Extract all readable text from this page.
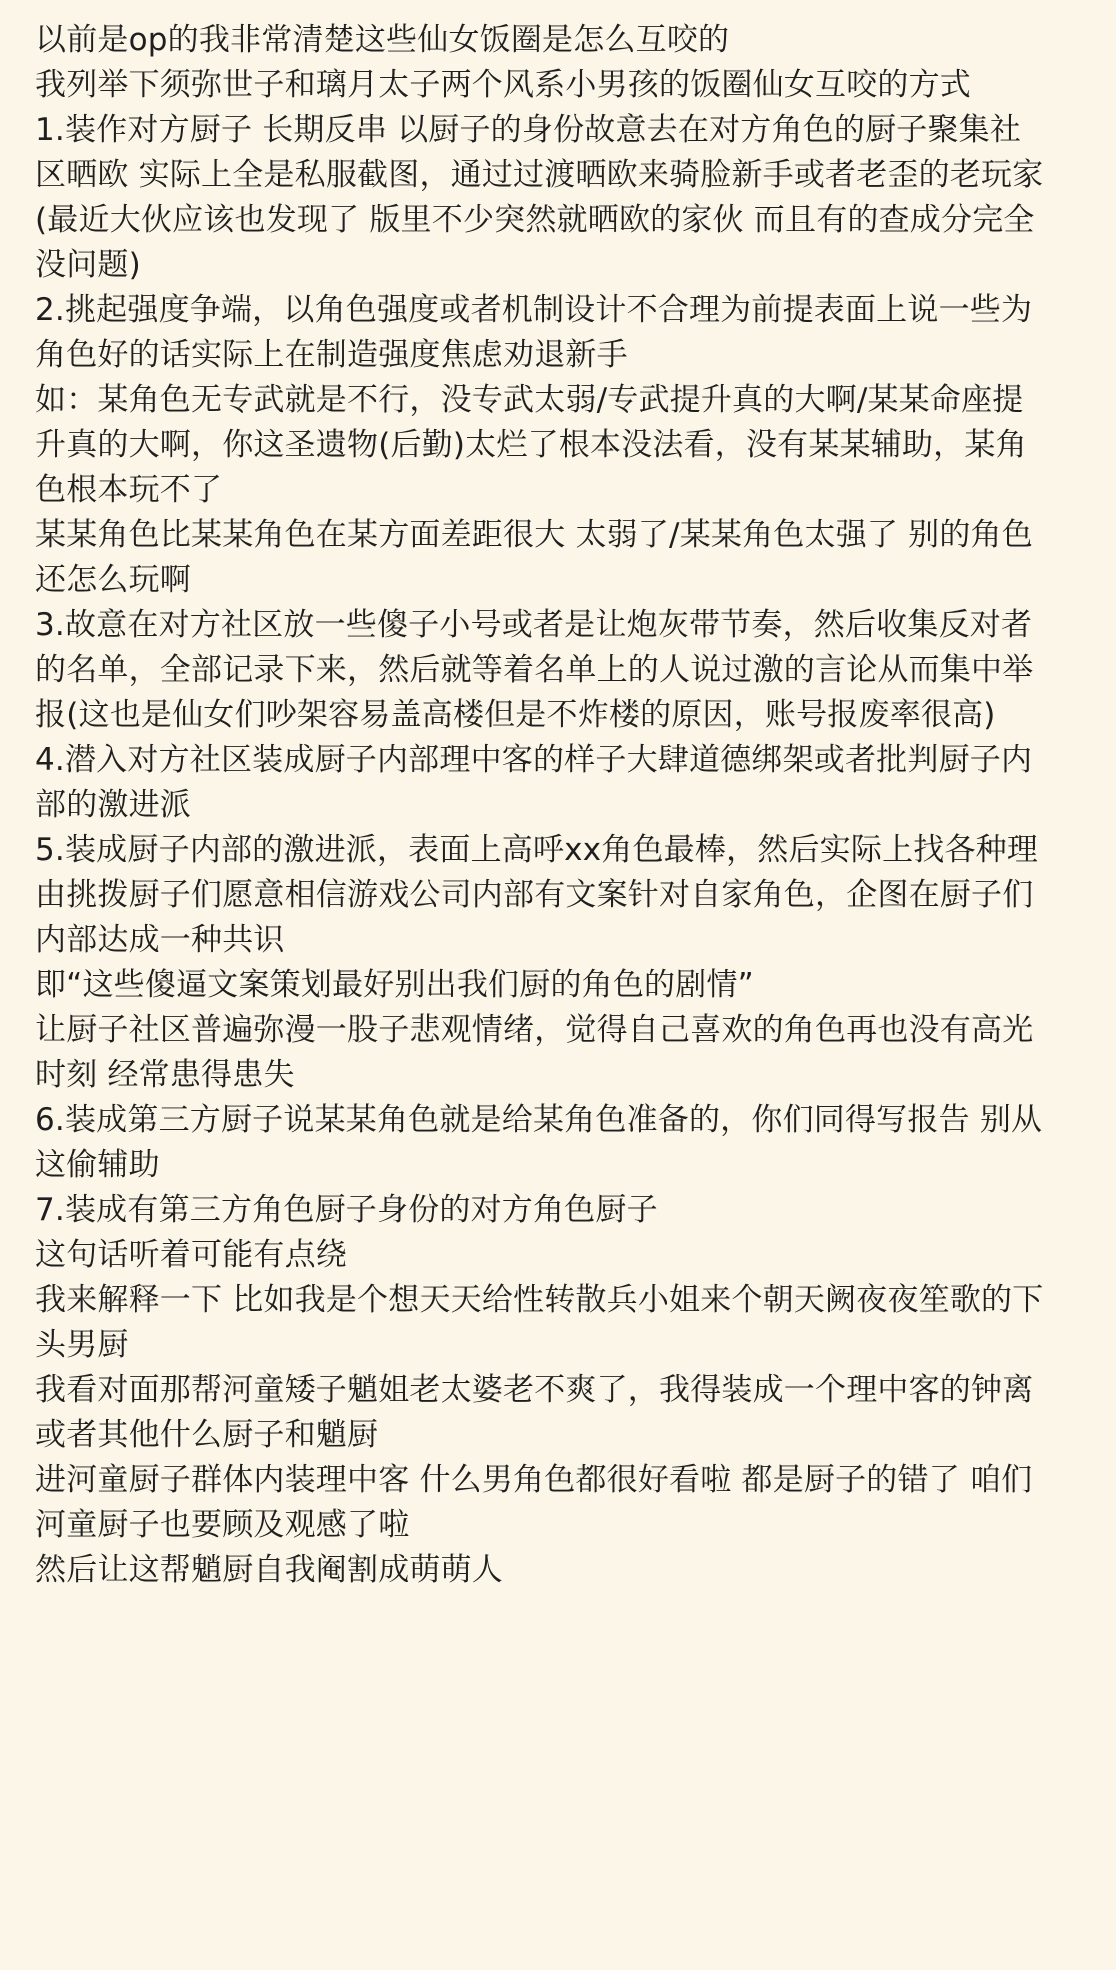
以前是op的我非常清楚这些仙女饭圈是怎么互咬的
我列举下须弥世子和璃月太子两个风系小男孩的饭圈仙女互咬的方式
1.装作对方厨子 长期反串 以厨子的身份故意去在对方角色的厨子聚集社
区晒欧 实际上全是私服截图，通过过渡晒欧来骑脸新手或者老歪的老玩家
(最近大伙应该也发现了 版里不少突然就晒欧的家伙 而且有的查成分完全
没问题)
2.挑起强度争端，以角色强度或者机制设计不合理为前提表面上说一些为
角色好的话实际上在制造强度焦虑劝退新手
如：某角色无专武就是不行，没专武太弱/专武提升真的大啊/某某命座提
升真的大啊，你这圣遗物(后勤)太烂了根本没法看，没有某某辅助，某角
色根本玩不了
某某角色比某某角色在某方面差距很大 太弱了/某某角色太强了 别的角色
还怎么玩啊
3.故意在对方社区放一些傻子小号或者是让炮灰带节奏，然后收集反对者
的名单，全部记录下来，然后就等着名单上的人说过激的言论从而集中举
报(这也是仙女们吵架容易盖高楼但是不炸楼的原因，账号报废率很高)
4.潜入对方社区装成厨子内部理中客的样子大肆道德绑架或者批判厨子内
部的激进派
5.装成厨子内部的激进派，表面上高呼xx角色最棒，然后实际上找各种理
由挑拨厨子们愿意相信游戏公司内部有文案针对自家角色，企图在厨子们
内部达成一种共识
即“这些傻逼文案策划最好别出我们厨的角色的剧情”
让厨子社区普遍弥漫一股子悲观情绪，觉得自己喜欢的角色再也没有高光
时刻 经常患得患失
6.装成第三方厨子说某某角色就是给某角色准备的，你们同得写报告 别从
这偷辅助
7.装成有第三方角色厨子身份的对方角色厨子
这句话听着可能有点绕
我来解释一下 比如我是个想天天给性转散兵小姐来个朝天阙夜夜笙歌的下
头男厨
我看对面那帮河童矮子魈姐老太婆老不爽了，我得装成一个理中客的钟离
或者其他什么厨子和魈厨
进河童厨子群体内装理中客 什么男角色都很好看啦 都是厨子的错了 咱们
河童厨子也要顾及观感了啦
然后让这帮魈厨自我阉割成萌萌人
